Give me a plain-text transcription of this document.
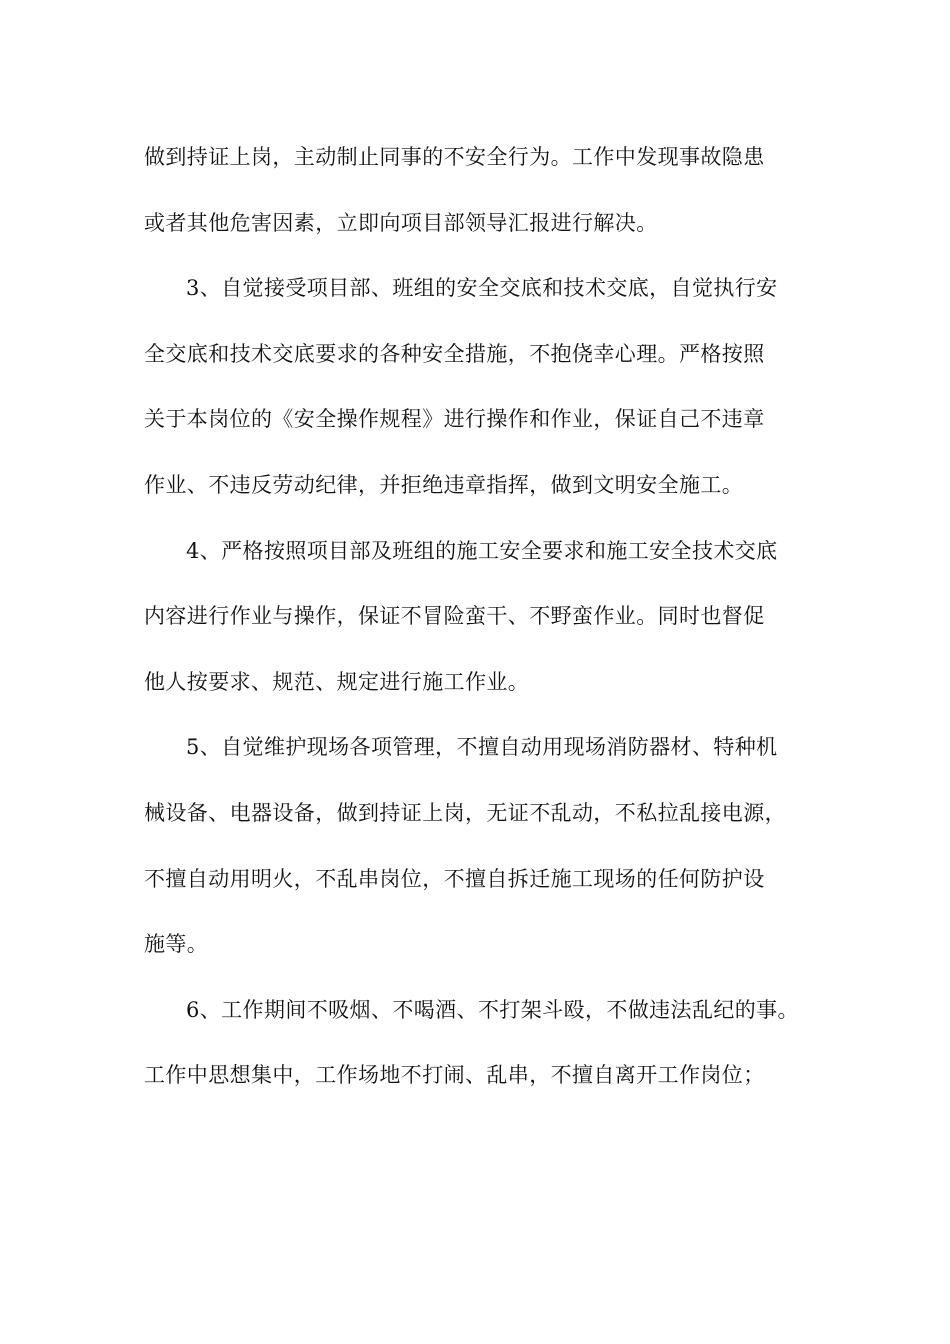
做到持证上岗，主动制止同事的不安全行为。工作中发现事故隐患
或者其他危害因素，立即向项目部领导汇报进行解决。
3、自觉接受项目部、班组的安全交底和技术交底，自觉执行安
全交底和技术交底要求的各种安全措施，不抱侥幸心理。严格按照
关于本岗位的《安全操作规程》进行操作和作业，保证自己不违章
作业、不违反劳动纪律，并拒绝违章指挥，做到文明安全施工。
4、严格按照项目部及班组的施工安全要求和施工安全技术交底
内容进行作业与操作，保证不冒险蛮干、不野蛮作业。同时也督促
他人按要求、规范、规定进行施工作业。
5、自觉维护现场各项管理，不擅自动用现场消防器材、特种机
械设备、电器设备，做到持证上岗，无证不乱动，不私拉乱接电源，
不擅自动用明火，不乱串岗位，不擅自拆迁施工现场的任何防护设
施等。
6、工作期间不吸烟、不喝酒、不打架斗殴，不做违法乱纪的事。
工作中思想集中，工作场地不打闹、乱串，不擅自离开工作岗位；
